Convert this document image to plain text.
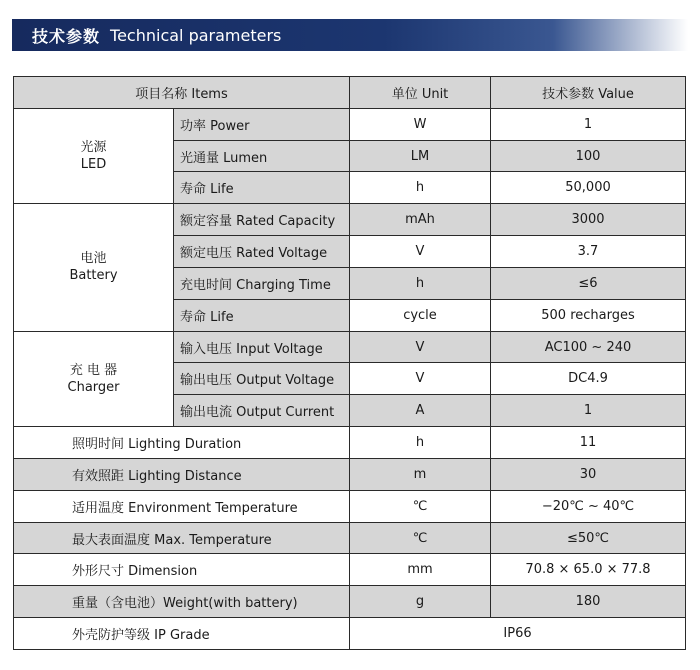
技术参数 Technical parameters
项目名称 Items		单位 Unit	技术参数 Value

光源
LED	功率 Power	W	1
	光通量 Lumen	LM	100
	寿命 Life	h	50,000

电池
Battery	额定容量 Rated Capacity	mAh	3000
	额定电压 Rated Voltage	V	3.7
	充电时间 Charging Time	h	≤6
	寿命 Life	cycle	500 recharges

充 电 器
Charger	输入电压 Input Voltage	V	AC100 ~ 240
	输出电压 Output Voltage	V	DC4.9
	输出电流 Output Current	A	1
照明时间 Lighting Duration		h	11
有效照距 Lighting Distance		m	30
适用温度 Environment Temperature		℃	−20℃ ~ 40℃
最大表面温度 Max. Temperature		℃	≤50℃
外形尺寸 Dimension		mm	70.8 × 65.0 × 77.8
重量（含电池）Weight(with battery)		g	180
外壳防护等级 IP Grade		IP66	
